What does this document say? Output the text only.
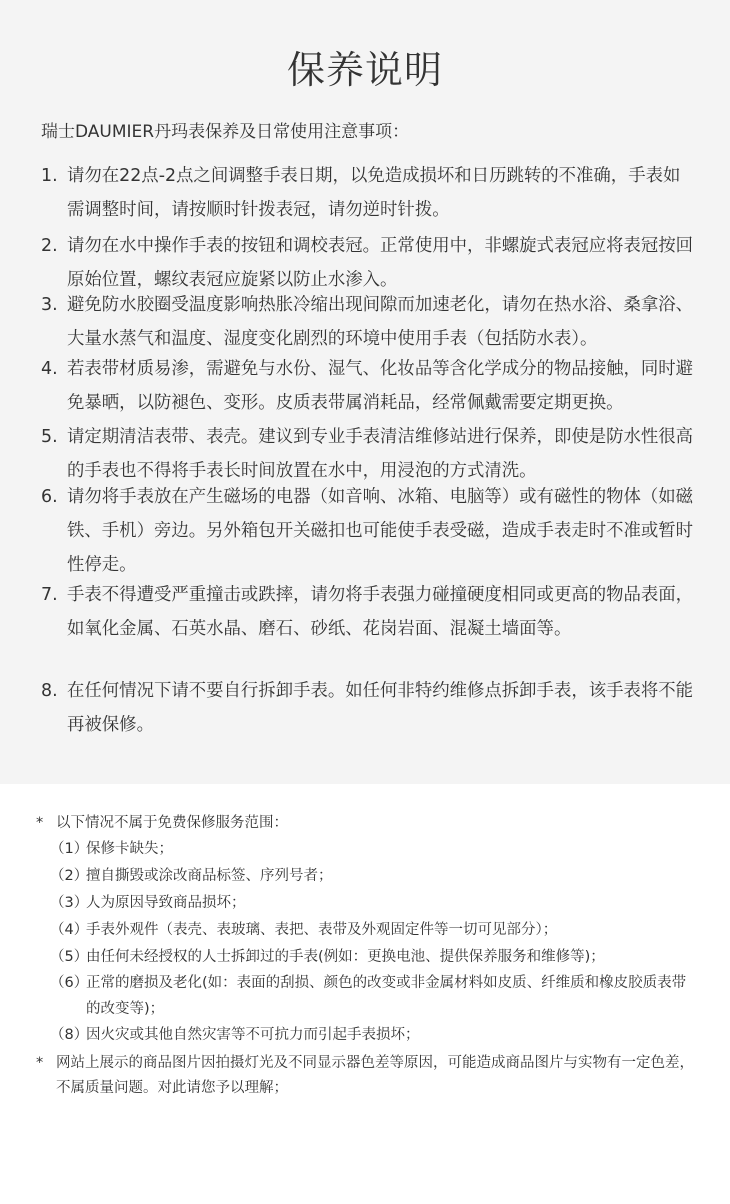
保养说明
瑞士DAUMIER丹玛表保养及日常使用注意事项：
1. 请勿在22点-2点之间调整手表日期，以免造成损坏和日历跳转的不准确，手表如需调整时间，请按顺时针拨表冠，请勿逆时针拨。
2. 请勿在水中操作手表的按钮和调校表冠。正常使用中，非螺旋式表冠应将表冠按回原始位置，螺纹表冠应旋紧以防止水渗入。
3. 避免防水胶圈受温度影响热胀冷缩出现间隙而加速老化，请勿在热水浴、桑拿浴、大量水蒸气和温度、湿度变化剧烈的环境中使用手表（包括防水表）。
4. 若表带材质易渗，需避免与水份、湿气、化妆品等含化学成分的物品接触，同时避免暴晒，以防褪色、变形。皮质表带属消耗品，经常佩戴需要定期更换。
5. 请定期清洁表带、表壳。建议到专业手表清洁维修站进行保养，即使是防水性很高的手表也不得将手表长时间放置在水中，用浸泡的方式清洗。
6. 请勿将手表放在产生磁场的电器（如音响、冰箱、电脑等）或有磁性的物体（如磁铁、手机）旁边。另外箱包开关磁扣也可能使手表受磁，造成手表走时不准或暂时性停走。
7. 手表不得遭受严重撞击或跌摔，请勿将手表强力碰撞硬度相同或更高的物品表面，如氧化金属、石英水晶、磨石、砂纸、花岗岩面、混凝土墙面等。
8. 在任何情况下请不要自行拆卸手表。如任何非特约维修点拆卸手表，该手表将不能再被保修。
* 以下情况不属于免费保修服务范围：
（1）
保修卡缺失；
（2）
擅自撕毁或涂改商品标签、序列号者；
（3）
人为原因导致商品损坏；
（4）
手表外观件（表壳、表玻璃、表把、表带及外观固定件等一切可见部分）；
（5）
由任何未经授权的人士拆卸过的手表(例如：更换电池、提供保养服务和维修等)；
（6）
正常的磨损及老化(如：表面的刮损、颜色的改变或非金属材料如皮质、纤维质和橡皮胶质表带的改变等)；
（8）
因火灾或其他自然灾害等不可抗力而引起手表损坏；
* 网站上展示的商品图片因拍摄灯光及不同显示器色差等原因，可能造成商品图片与实物有一定色差，不属质量问题。对此请您予以理解；
